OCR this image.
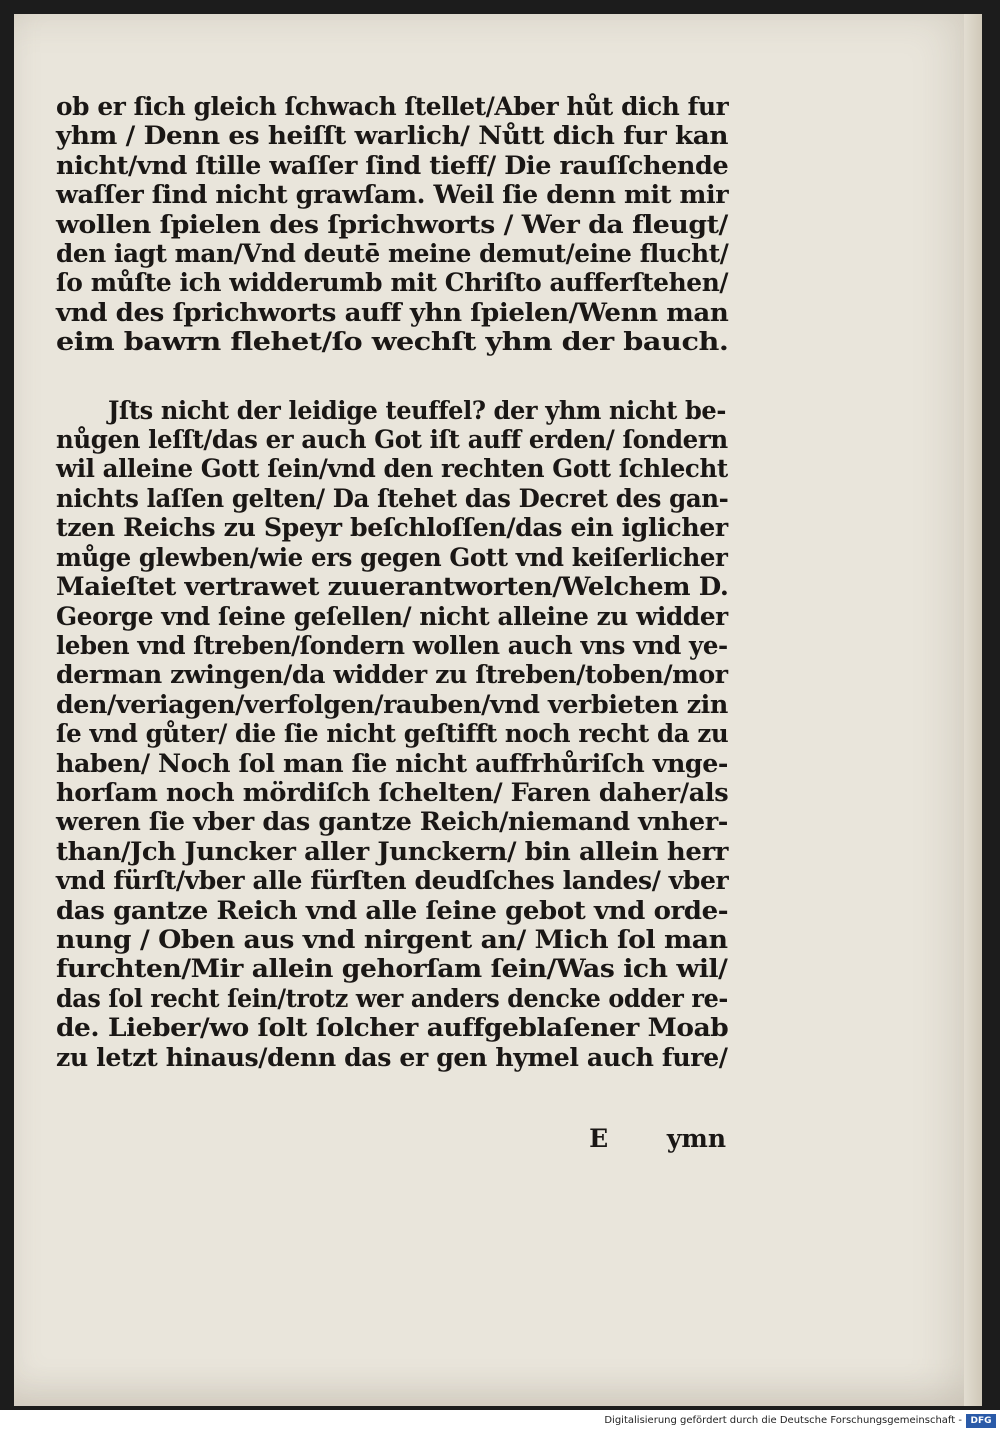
ob er ſich gleich ſchwach ſtellet/Aber hůt dich fur
yhm / Denn es heiſſt warlich/ Nůtt dich fur kan
nicht/vnd ſtille waſſer ſind tieff/ Die rauſſchende
waſſer ſind nicht grawſam. Weil ſie denn mit mir
wollen ſpielen des ſprichworts / Wer da fleugt/
den iagt man/Vnd deutē meine demut/eine flucht/
ſo můſte ich widderumb mit Chriſto aufferſtehen/
vnd des ſprichworts auff yhn ſpielen/Wenn man
eim bawrn flehet/ſo wechſt yhm der bauch.
Jſts nicht der leidige teuffel? der yhm nicht be-
nůgen leſſt/das er auch Got iſt auff erden/ ſondern
wil alleine Gott ſein/vnd den rechten Gott ſchlecht
nichts laſſen gelten/ Da ſtehet das Decret des gan-
tzen Reichs zu Speyr beſchloſſen/das ein iglicher
můge glewben/wie ers gegen Gott vnd keiſerlicher
Maieſtet vertrawet zuuerantworten/Welchem D.
George vnd ſeine geſellen/ nicht alleine zu widder
leben vnd ſtreben/ſondern wollen auch vns vnd ye-
derman zwingen/da widder zu ſtreben/toben/mor
den/veriagen/verfolgen/rauben/vnd verbieten zin
ſe vnd gůter/ die ſie nicht geſtifft noch recht da zu
haben/ Noch ſol man ſie nicht auffrhůriſch vnge-
horſam noch mördiſch ſchelten/ Faren daher/als
weren ſie vber das gantze Reich/niemand vnher-
than/Jch Juncker aller Junckern/ bin allein herr
vnd fürſt/vber alle fürſten deudſches landes/ vber
das gantze Reich vnd alle ſeine gebot vnd orde-
nung / Oben aus vnd nirgent an/ Mich ſol man
furchten/Mir allein gehorſam ſein/Was ich wil/
das ſol recht ſein/trotz wer anders dencke odder re-
de. Lieber/wo ſolt ſolcher auffgeblaſener Moab
zu letzt hinaus/denn das er gen hymel auch fure/
E ymn
Digitalisierung gefördert durch die Deutsche Forschungsgemeinschaft - DFG
